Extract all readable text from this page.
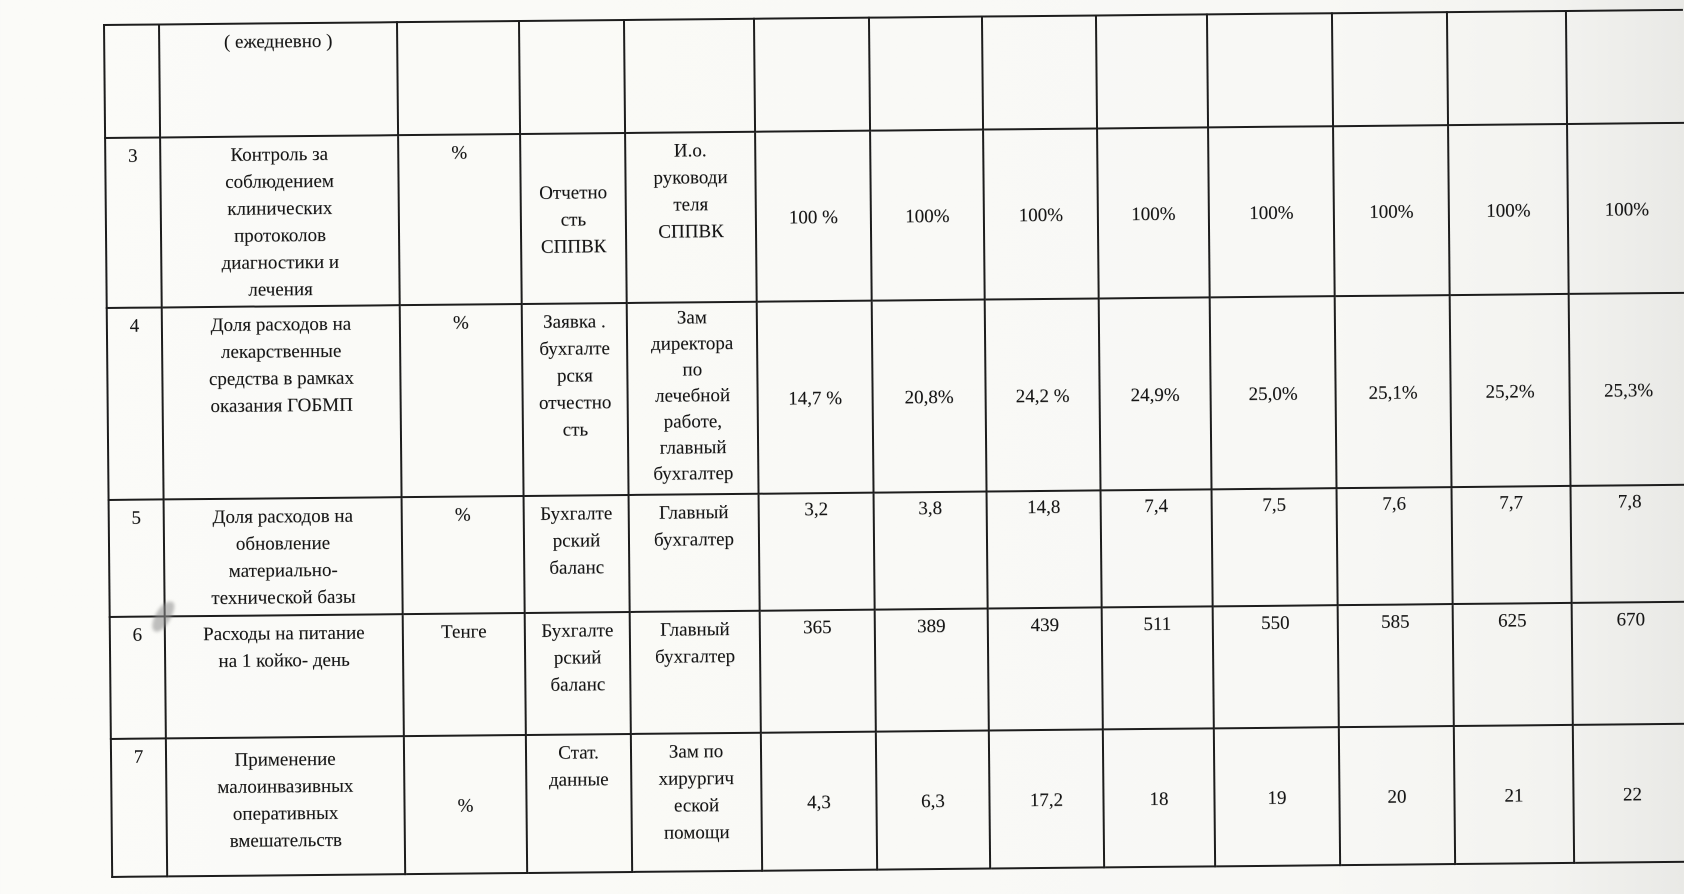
	( ежедневно )											
3	Контроль за
соблюдением
клинических
протоколов
диагностики и
лечения	%	Отчетно
сть
СППВК	И.о.
руководи
теля
СППВК	100 %	100%	100%	100%	100%	100%	100%	100%
4	Доля расходов на
лекарственные
средства в рамках
оказания ГОБМП	%	Заявка .
бухгалте
рскя
отчестно
сть	Зам
директора
по
лечебной
работе,
главный
бухгалтер	14,7 %	20,8%	24,2 %	24,9%	25,0%	25,1%	25,2%	25,3%
5	Доля расходов на
обновление
материально-
технической базы	%	Бухгалте
рский
баланс	Главный
бухгалтер	3,2	3,8	14,8	7,4	7,5	7,6	7,7	7,8
6	Расходы на питание
на 1 койко- день	Тенге	Бухгалте
рский
баланс	Главный
бухгалтер	365	389	439	511	550	585	625	670
7	Применение
малоинвазивных
оперативных
вмешательств	%	Стат.
данные	Зам по
хирургич
еской
помощи	4,3	6,3	17,2	18	19	20	21	22
